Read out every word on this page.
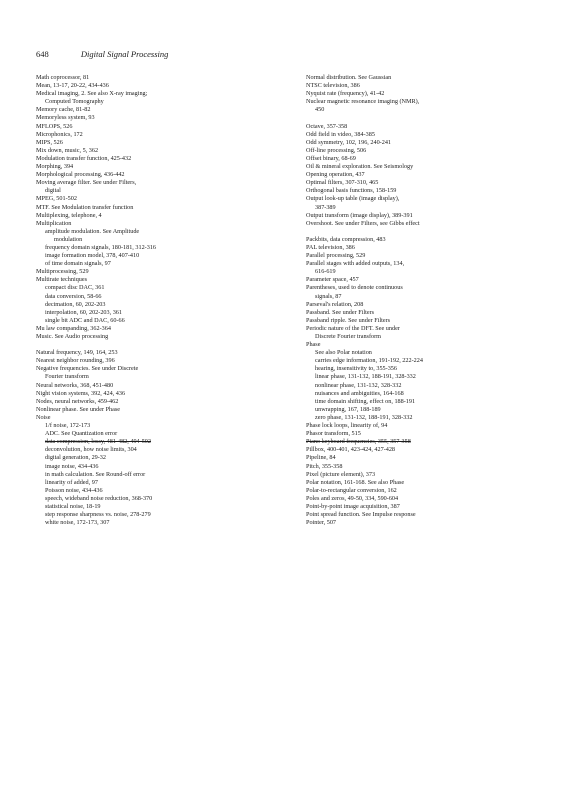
648	Digital Signal Processing
Math coprocessor, 81
Mean, 13-17, 20-22, 434-436
Medical imaging, 2. See also X-ray imaging;
Computed Tomography
Memory cache, 81-82
Memoryless system, 93
MFLOPS, 526
Microphonics, 172
MIPS, 526
Mix down, music, 5, 362
Modulation transfer function, 425-432
Morphing, 394
Morphological processing, 436-442
Moving average filter. See under Filters,
digital
MPEG, 501-502
MTF. See Modulation transfer function
Multiplexing, telephone, 4
Multiplication
amplitude modulation. See Amplitude
modulation
frequency domain signals, 180-181, 312-316
image formation model, 378, 407-410
of time domain signals, 97
Multiprocessing, 529
Multirate techniques
compact disc DAC, 361
data conversion, 58-66
decimation, 60, 202-203
interpolation, 60, 202-203, 361
single bit ADC and DAC, 60-66
Mu law companding, 362-364
Music. See Audio processing
Natural frequency, 149, 164, 253
Nearest neighbor rounding, 396
Negative frequencies. See under Discrete
Fourier transform
Neural networks, 368, 451-480
Night vision systems, 392, 424, 436
Nodes, neural networks, 459-462
Nonlinear phase. See under Phase
Noise
1/f noise, 172-173
ADC. See Quantization error
data compression, lossy, 481-482, 494-502
deconvolution, how noise limits, 304
digital generation, 29-32
image noise, 434-436
in math calculation. See Round-off error
linearity of added, 97
Poisson noise, 434-436
speech, wideband noise reduction, 368-370
statistical noise, 18-19
step response sharpness vs. noise, 278-279
white noise, 172-173, 307
Normal distribution. See Gaussian
NTSC television, 386
Nyquist rate (frequency), 41-42
Nuclear magnetic resonance imaging (NMR),
450
Octave, 357-358
Odd field in video, 384-385
Odd symmetry, 102, 196, 240-241
Off-line processing, 506
Offset binary, 68-69
Oil & mineral exploration. See Seismology
Opening operation, 437
Optimal filters, 307-310, 465
Orthogonal basis functions, 158-159
Output look-up table (image display),
387-389
Output transform (image display), 389-391
Overshoot. See under Filters, see Gibbs effect
Packbits, data compression, 483
PAL television, 386
Parallel processing, 529
Parallel stages with added outputs, 134,
616-619
Parameter space, 457
Parentheses, used to denote continuous
signals, 87
Parseval's relation, 208
Passband. See under Filters
Passband ripple. See under Filters
Periodic nature of the DFT. See under
Discrete Fourier transform
Phase
See also Polar notation
carries edge information, 191-192, 222-224
hearing, insensitivity to, 355-356
linear phase, 131-132, 188-191, 328-332
nonlinear phase, 131-132, 328-332
nuisances and ambiguities, 164-168
time domain shifting, effect on, 188-191
unwrapping, 167, 188-189
zero phase, 131-132, 188-191, 328-332
Phase lock loops, linearity of, 94
Phasor transform, 515
Piano keyboard frequencies, 355, 357-358
Pillbox, 400-401, 423-424, 427-428
Pipeline, 84
Pitch, 355-358
Pixel (picture element), 373
Polar notation, 161-168. See also Phase
Polar-to-rectangular conversion, 162
Poles and zeros, 49-50, 334, 590-604
Point-by-point image acquisition, 387
Point spread function. See Impulse response
Pointer, 507
